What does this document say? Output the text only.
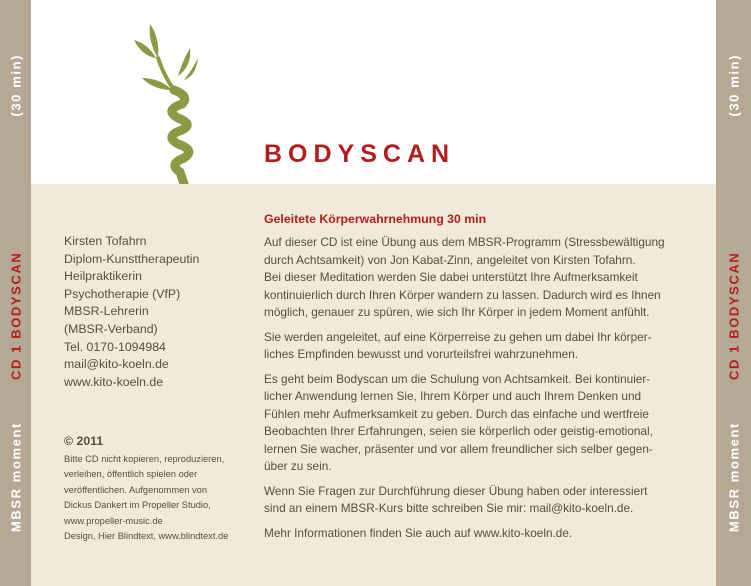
MBSR momentCD 1 BODYSCAN(30 min)
MBSR momentCD 1 BODYSCAN(30 min)
BODYSCAN
Kirsten Tofahrn
Diplom-Kunsttherapeutin
Heilpraktikerin
Psychotherapie (VfP)
MBSR-Lehrerin
(MBSR-Verband)
Tel. 0170-1094984
mail@kito-koeln.de
www.kito-koeln.de
© 2011
Bitte CD nicht kopieren, reproduzieren,
verleihen, öffentlich spielen oder
veröffentlichen. Aufgenommen von
Dickus Dankert im Propeller Studio,
www.propeller-music.de
Design, Hier Blindtext, www.blindtext.de
Geleitete Körperwahrnehmung 30 min

Auf dieser CD ist eine Übung aus dem MBSR-Programm (Stressbewältigung
durch Achtsamkeit) von Jon Kabat-Zinn, angeleitet von Kirsten Tofahrn.
Bei dieser Meditation werden Sie dabei unterstützt Ihre Aufmerksamkeit
kontinuierlich durch Ihren Körper wandern zu lassen. Dadurch wird es Ihnen
möglich, genauer zu spüren, wie sich Ihr Körper in jedem Moment anfühlt.

Sie werden angeleitet, auf eine Körperreise zu gehen um dabei Ihr körper-
liches Empfinden bewusst und vorurteilsfrei wahrzunehmen.

Es geht beim Bodyscan um die Schulung von Achtsamkeit. Bei kontinuier-
licher Anwendung lernen Sie, Ihrem Körper und auch Ihrem Denken und
Fühlen mehr Aufmerksamkeit zu geben. Durch das einfache und wertfreie
Beobachten Ihrer Erfahrungen, seien sie körperlich oder geistig-emotional,
lernen Sie wacher, präsenter und vor allem freundlicher sich selber gegen-
über zu sein.

Wenn Sie Fragen zur Durchführung dieser Übung haben oder interessiert
sind an einem MBSR-Kurs bitte schreiben Sie mir: mail@kito-koeln.de.

Mehr Informationen finden Sie auch auf www.kito-koeln.de.
